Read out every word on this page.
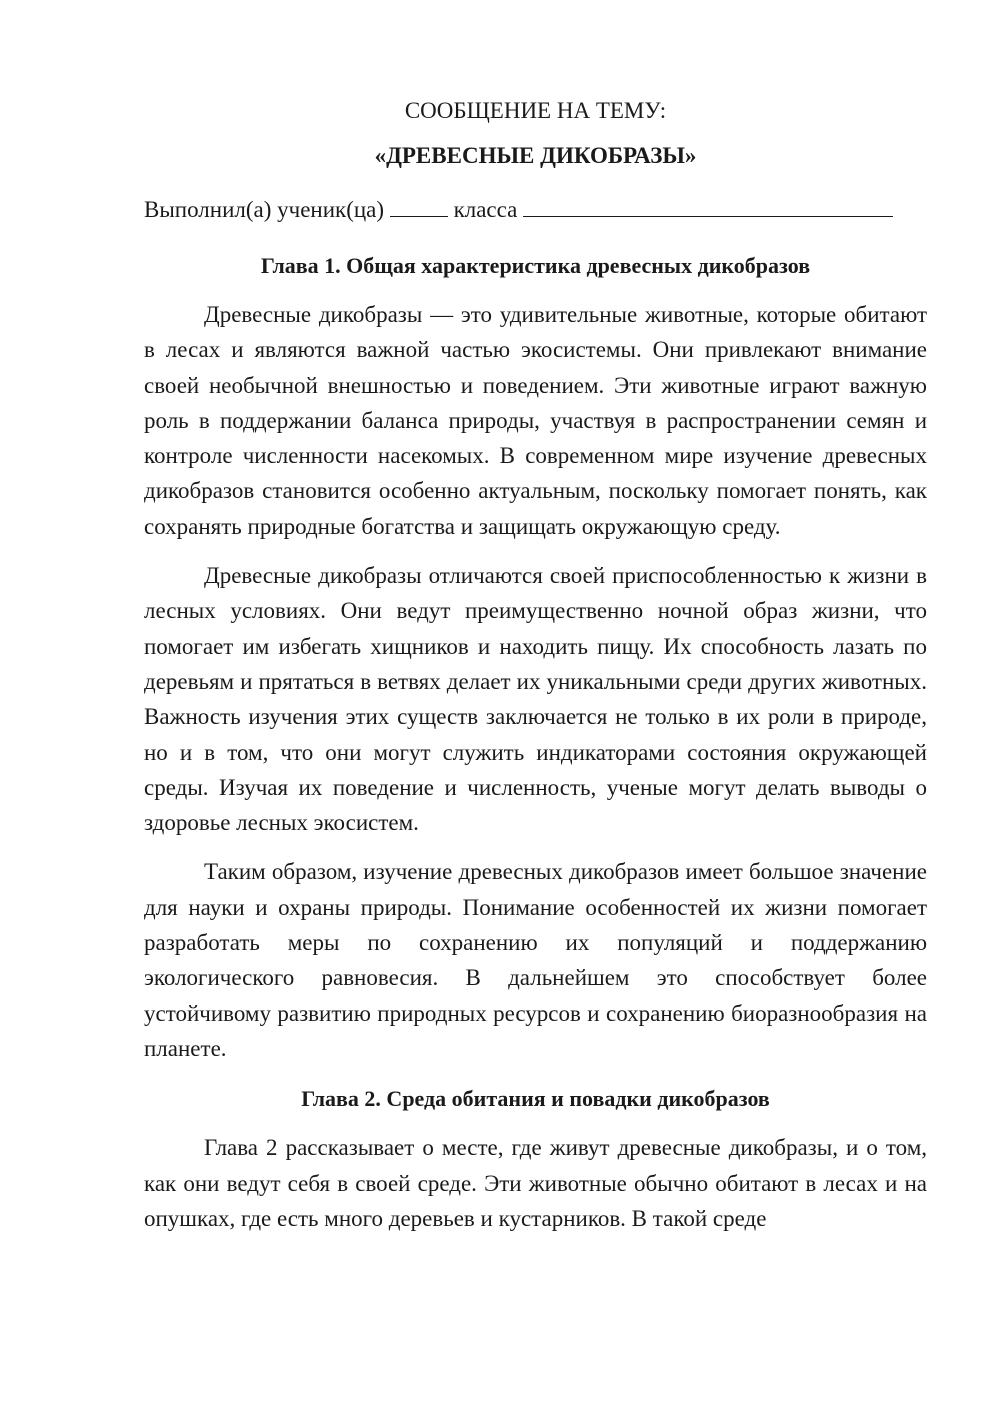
СООБЩЕНИЕ НА ТЕМУ:

«ДРЕВЕСНЫЕ ДИКОБРАЗЫ»

Выполнил(а) ученик(ца)	класса
Глава 1. Общая характеристика древесных дикобразов

Древесные дикобразы — это удивительные животные, которые обитают в лесах и являются важной частью экосистемы. Они привлекают внимание своей необычной внешностью и поведением. Эти животные играют важную роль в поддержании баланса природы, участвуя в распространении семян и контроле численности насекомых. В современном мире изучение древесных дикобразов становится особенно актуальным, поскольку помогает понять, как сохранять природные богатства и защищать окружающую среду.

Древесные дикобразы отличаются своей приспособленностью к жизни в лесных условиях. Они ведут преимущественно ночной образ жизни, что помогает им избегать хищников и находить пищу. Их способность лазать по деревьям и прятаться в ветвях делает их уникальными среди других животных. Важность изучения этих существ заключается не только в их роли в природе, но и в том, что они могут служить индикаторами состояния окружающей среды. Изучая их поведение и численность, ученые могут делать выводы о здоровье лесных экосистем.

Таким образом, изучение древесных дикобразов имеет большое значение для науки и охраны природы. Понимание особенностей их жизни помогает разработать меры по сохранению их популяций и поддержанию экологического равновесия. В дальнейшем это способствует более устойчивому развитию природных ресурсов и сохранению биоразнообразия на планете.

Глава 2. Среда обитания и повадки дикобразов

Глава 2 рассказывает о месте, где живут древесные дикобразы, и о том, как они ведут себя в своей среде. Эти животные обычно обитают в лесах и на опушках, где есть много деревьев и кустарников. В такой среде
